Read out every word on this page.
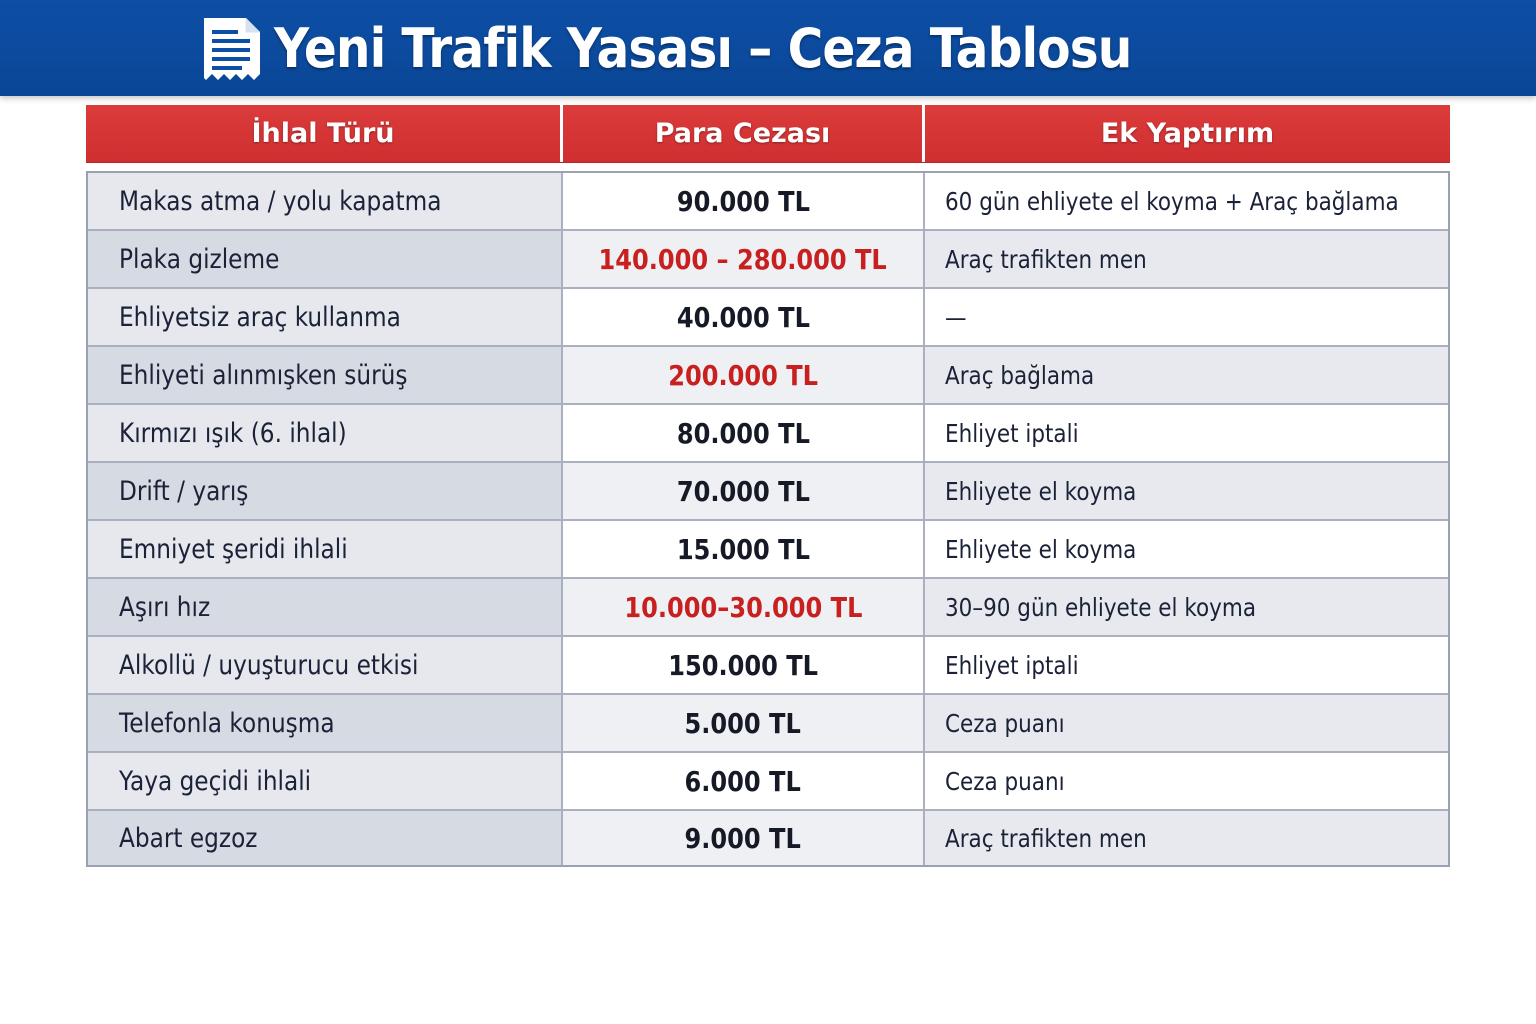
Yeni Trafik Yasası – Ceza Tablosu
İhlal Türü	Para Cezası	Ek Yaptırım
Makas atma / yolu kapatma	90.000 TL	60 gün ehliyete el koyma + Araç bağlama
Plaka gizleme	140.000 – 280.000 TL Araç trafikten men
Ehliyetsiz araç kullanma	40.000 TL	—
Ehliyeti alınmışken sürüş	200.000 TL	Araç bağlama
Kırmızı ışık (6. ihlal)	80.000 TL	Ehliyet iptali
Drift / yarış	70.000 TL	Ehliyete el koyma
Emniyet şeridi ihlali	15.000 TL	Ehliyete el koyma
Aşırı hız	10.000–30.000 TL	30–90 gün ehliyete el koyma
Alkollü / uyuşturucu etkisi	150.000 TL	Ehliyet iptali
Telefonla konuşma	5.000 TL	Ceza puanı
Yaya geçidi ihlali	6.000 TL	Ceza puanı
Abart egzoz	9.000 TL	Araç trafikten men
